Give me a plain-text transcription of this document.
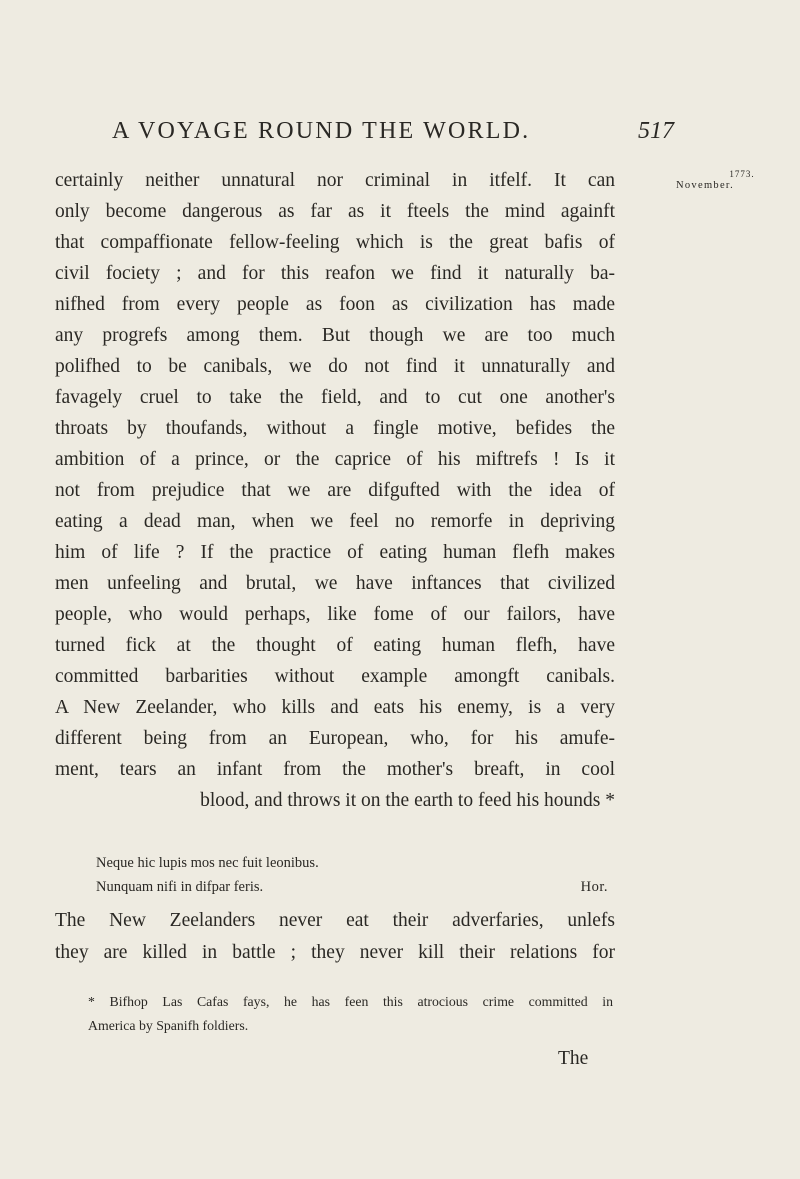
A VOYAGE ROUND THE WORLD.	517
1773.
November.
certainly neither unnatural nor criminal in itfelf. It can
only become dangerous as far as it fteels the mind againft
that compaffionate fellow-feeling which is the great bafis of
civil fociety ; and for this reafon we find it naturally ba-
nifhed from every people as foon as civilization has made
any progrefs among them. But though we are too much
polifhed to be canibals, we do not find it unnaturally and
favagely cruel to take the field, and to cut one another's
throats by thoufands, without a fingle motive, befides the
ambition of a prince, or the caprice of his miftrefs ! Is it
not from prejudice that we are difgufted with the idea of
eating a dead man, when we feel no remorfe in depriving
him of life ? If the practice of eating human flefh makes
men unfeeling and brutal, we have inftances that civilized
people, who would perhaps, like fome of our failors, have
turned fick at the thought of eating human flefh, have
committed barbarities without example amongft canibals.
A New Zeelander, who kills and eats his enemy, is a very
different being from an European, who, for his amufe-
ment, tears an infant from the mother's breaft, in cool
blood, and throws it on the earth to feed his hounds *
Neque hic lupis mos nec fuit leonibus.
Nunquam nifi in difpar feris.	Hor.
The New Zeelanders never eat their adverfaries, unlefs
they are killed in battle ; they never kill their relations for
* Bifhop Las Cafas fays, he has feen this atrocious crime committed in
America by Spanifh foldiers.
The
